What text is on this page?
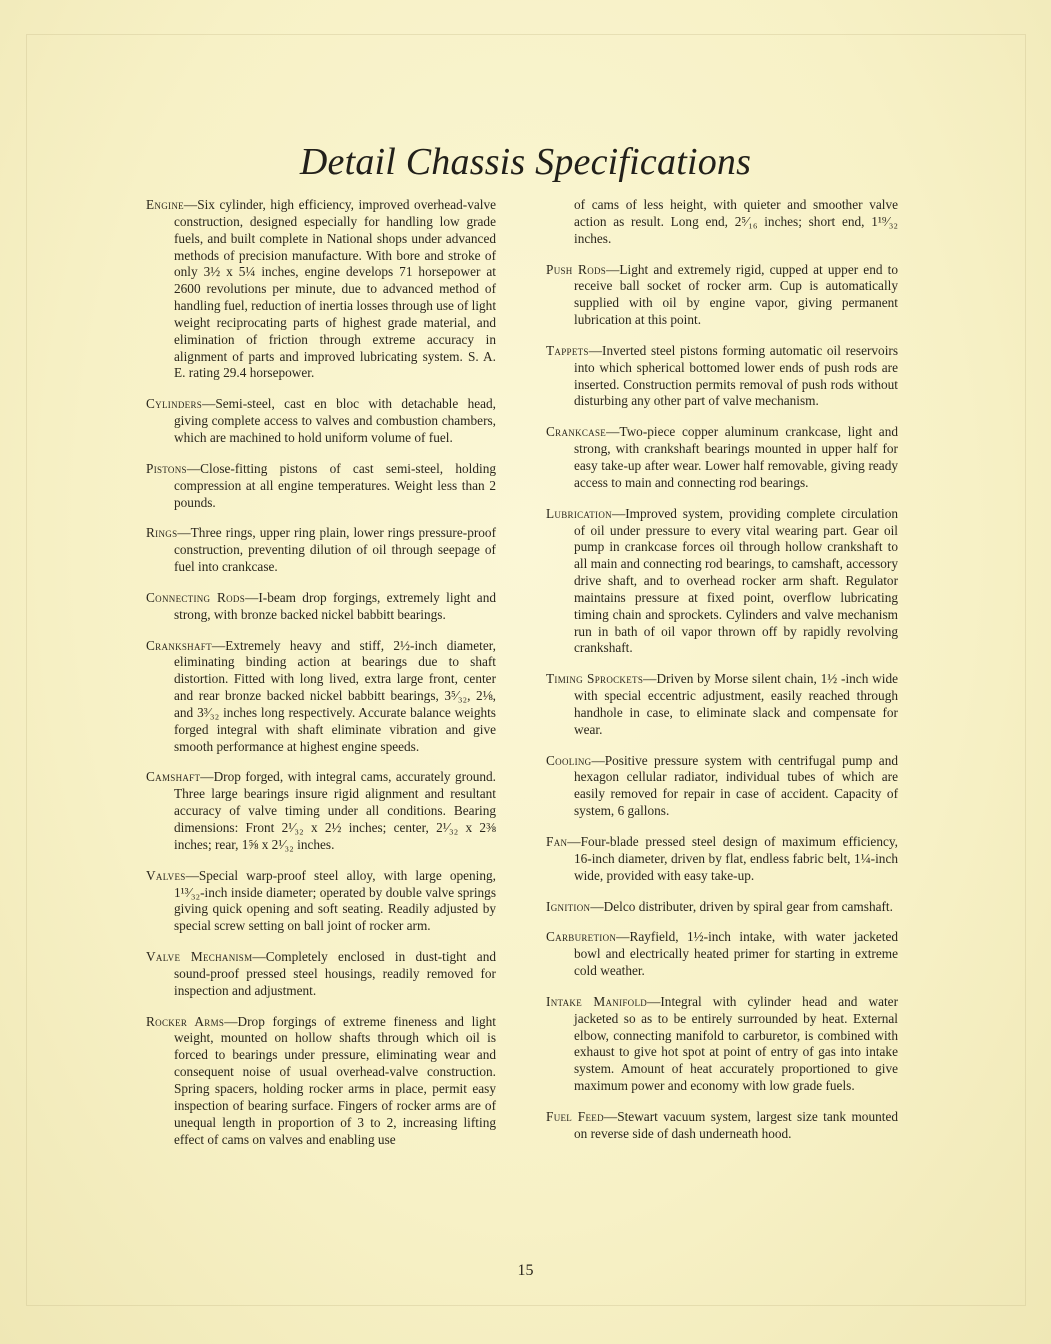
Detail Chassis Specifications

Engine—Six cylinder, high efficiency, improved overhead-valve construction, designed especially for handling low grade fuels, and built complete in National shops under advanced methods of precision manufacture. With bore and stroke of only 3½ x 5¼ inches, engine develops 71 horsepower at 2600 revolutions per minute, due to advanced method of handling fuel, reduction of inertia losses through use of light weight reciprocating parts of highest grade material, and elimination of friction through extreme accuracy in alignment of parts and improved lubricating system. S. A. E. rating 29.4 horsepower.

Cylinders—Semi-steel, cast en bloc with detachable head, giving complete access to valves and combustion chambers, which are machined to hold uniform volume of fuel.

Pistons—Close-fitting pistons of cast semi-steel, holding compression at all engine temperatures. Weight less than 2 pounds.

Rings—Three rings, upper ring plain, lower rings pressure-proof construction, preventing dilution of oil through seepage of fuel into crankcase.

Connecting Rods—I-beam drop forgings, extremely light and strong, with bronze backed nickel babbitt bearings.

Crankshaft—Extremely heavy and stiff, 2½-inch diameter, eliminating binding action at bearings due to shaft distortion. Fitted with long lived, extra large front, center and rear bronze backed nickel babbitt bearings, 3⁵⁄₃₂, 2⅛, and 3³⁄₃₂ inches long respectively. Accurate balance weights forged integral with shaft eliminate vibration and give smooth performance at highest engine speeds.

Camshaft—Drop forged, with integral cams, accurately ground. Three large bearings insure rigid alignment and resultant accuracy of valve timing under all conditions. Bearing dimensions: Front 2¹⁄₃₂ x 2½ inches; center, 2¹⁄₃₂ x 2⅜ inches; rear, 1⅝ x 2¹⁄₃₂ inches.

Valves—Special warp-proof steel alloy, with large opening, 1¹³⁄₃₂-inch inside diameter; operated by double valve springs giving quick opening and soft seating. Readily adjusted by special screw setting on ball joint of rocker arm.

Valve Mechanism—Completely enclosed in dust-tight and sound-proof pressed steel housings, readily removed for inspection and adjustment.

Rocker Arms—Drop forgings of extreme fineness and light weight, mounted on hollow shafts through which oil is forced to bearings under pressure, eliminating wear and consequent noise of usual overhead-valve construction. Spring spacers, holding rocker arms in place, permit easy inspection of bearing surface. Fingers of rocker arms are of unequal length in proportion of 3 to 2, increasing lifting effect of cams on valves and enabling use

of cams of less height, with quieter and smoother valve action as result. Long end, 2⁵⁄₁₆ inches; short end, 1¹⁹⁄₃₂ inches.

Push Rods—Light and extremely rigid, cupped at upper end to receive ball socket of rocker arm. Cup is automatically supplied with oil by engine vapor, giving permanent lubrication at this point.

Tappets—Inverted steel pistons forming automatic oil reservoirs into which spherical bottomed lower ends of push rods are inserted. Construction permits removal of push rods without disturbing any other part of valve mechanism.

Crankcase—Two-piece copper aluminum crankcase, light and strong, with crankshaft bearings mounted in upper half for easy take-up after wear. Lower half removable, giving ready access to main and connecting rod bearings.

Lubrication—Improved system, providing complete circulation of oil under pressure to every vital wearing part. Gear oil pump in crankcase forces oil through hollow crankshaft to all main and connecting rod bearings, to camshaft, accessory drive shaft, and to overhead rocker arm shaft. Regulator maintains pressure at fixed point, overflow lubricating timing chain and sprockets. Cylinders and valve mechanism run in bath of oil vapor thrown off by rapidly revolving crankshaft.

Timing Sprockets—Driven by Morse silent chain, 1½ -inch wide with special eccentric adjustment, easily reached through handhole in case, to eliminate slack and compensate for wear.

Cooling—Positive pressure system with centrifugal pump and hexagon cellular radiator, individual tubes of which are easily removed for repair in case of accident. Capacity of system, 6 gallons.

Fan—Four-blade pressed steel design of maximum efficiency, 16-inch diameter, driven by flat, endless fabric belt, 1¼-inch wide, provided with easy take-up.

Ignition—Delco distributer, driven by spiral gear from camshaft.

Carburetion—Rayfield, 1½-inch intake, with water jacketed bowl and electrically heated primer for starting in extreme cold weather.

Intake Manifold—Integral with cylinder head and water jacketed so as to be entirely surrounded by heat. External elbow, connecting manifold to carburetor, is combined with exhaust to give hot spot at point of entry of gas into intake system. Amount of heat accurately proportioned to give maximum power and economy with low grade fuels.

Fuel Feed—Stewart vacuum system, largest size tank mounted on reverse side of dash underneath hood.

15
